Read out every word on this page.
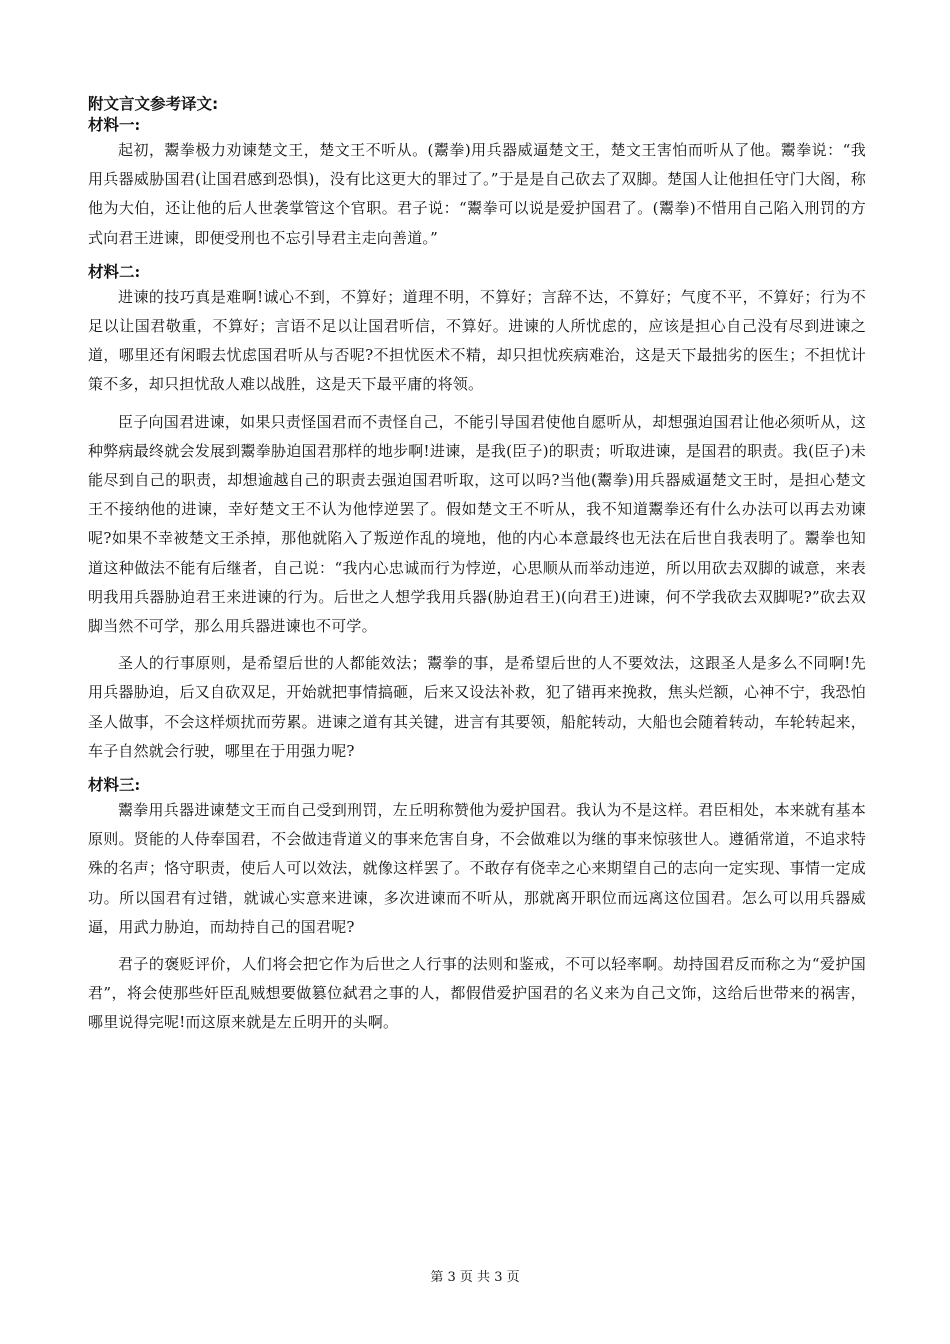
附文言文参考译文:
材料一:

起初，鬻拳极力劝谏楚文王，楚文王不听从。(鬻拳)用兵器威逼楚文王，楚文王害怕而听从了他。鬻拳说：“我用兵器威胁国君(让国君感到恐惧)，没有比这更大的罪过了。”于是是自己砍去了双脚。楚国人让他担任守门大阁，称他为大伯，还让他的后人世袭掌管这个官职。君子说：“鬻拳可以说是爱护国君了。(鬻拳)不惜用自己陷入刑罚的方式向君王进谏，即便受刑也不忘引导君主走向善道。”

材料二:

进谏的技巧真是难啊!诚心不到，不算好；道理不明，不算好；言辞不达，不算好；气度不平，不算好；行为不足以让国君敬重，不算好；言语不足以让国君听信，不算好。进谏的人所忧虑的，应该是担心自己没有尽到进谏之道，哪里还有闲暇去忧虑国君听从与否呢?不担忧医术不精，却只担忧疾病难治，这是天下最拙劣的医生；不担忧计策不多，却只担忧敌人难以战胜，这是天下最平庸的将领。

臣子向国君进谏，如果只责怪国君而不责怪自己，不能引导国君使他自愿听从，却想强迫国君让他必须听从，这种弊病最终就会发展到鬻拳胁迫国君那样的地步啊!进谏，是我(臣子)的职责；听取进谏，是国君的职责。我(臣子)未能尽到自己的职责，却想逾越自己的职责去强迫国君听取，这可以吗?当他(鬻拳)用兵器威逼楚文王时，是担心楚文王不接纳他的进谏，幸好楚文王不认为他悖逆罢了。假如楚文王不听从，我不知道鬻拳还有什么办法可以再去劝谏呢?如果不幸被楚文王杀掉，那他就陷入了叛逆作乱的境地，他的内心本意最终也无法在后世自我表明了。鬻拳也知道这种做法不能有后继者，自己说：“我内心忠诚而行为悖逆，心思顺从而举动违逆，所以用砍去双脚的诚意，来表明我用兵器胁迫君王来进谏的行为。后世之人想学我用兵器(胁迫君王)(向君王)进谏，何不学我砍去双脚呢?”砍去双脚当然不可学，那么用兵器进谏也不可学。

圣人的行事原则，是希望后世的人都能效法；鬻拳的事，是希望后世的人不要效法，这跟圣人是多么不同啊!先用兵器胁迫，后又自砍双足，开始就把事情搞砸，后来又设法补救，犯了错再来挽救，焦头烂额，心神不宁，我恐怕圣人做事，不会这样烦扰而劳累。进谏之道有其关键，进言有其要领，船舵转动，大船也会随着转动，车轮转起来，车子自然就会行驶，哪里在于用强力呢?

材料三:

鬻拳用兵器进谏楚文王而自己受到刑罚，左丘明称赞他为爱护国君。我认为不是这样。君臣相处，本来就有基本原则。贤能的人侍奉国君，不会做违背道义的事来危害自身，不会做难以为继的事来惊骇世人。遵循常道，不追求特殊的名声；恪守职责，使后人可以效法，就像这样罢了。不敢存有侥幸之心来期望自己的志向一定实现、事情一定成功。所以国君有过错，就诚心实意来进谏，多次进谏而不听从，那就离开职位而远离这位国君。怎么可以用兵器威逼，用武力胁迫，而劫持自己的国君呢?

君子的褒贬评价，人们将会把它作为后世之人行事的法则和鉴戒，不可以轻率啊。劫持国君反而称之为“爱护国君”，将会使那些奸臣乱贼想要做篡位弑君之事的人，都假借爱护国君的名义来为自己文饰，这给后世带来的祸害，哪里说得完呢!而这原来就是左丘明开的头啊。

第 3 页 共 3 页
